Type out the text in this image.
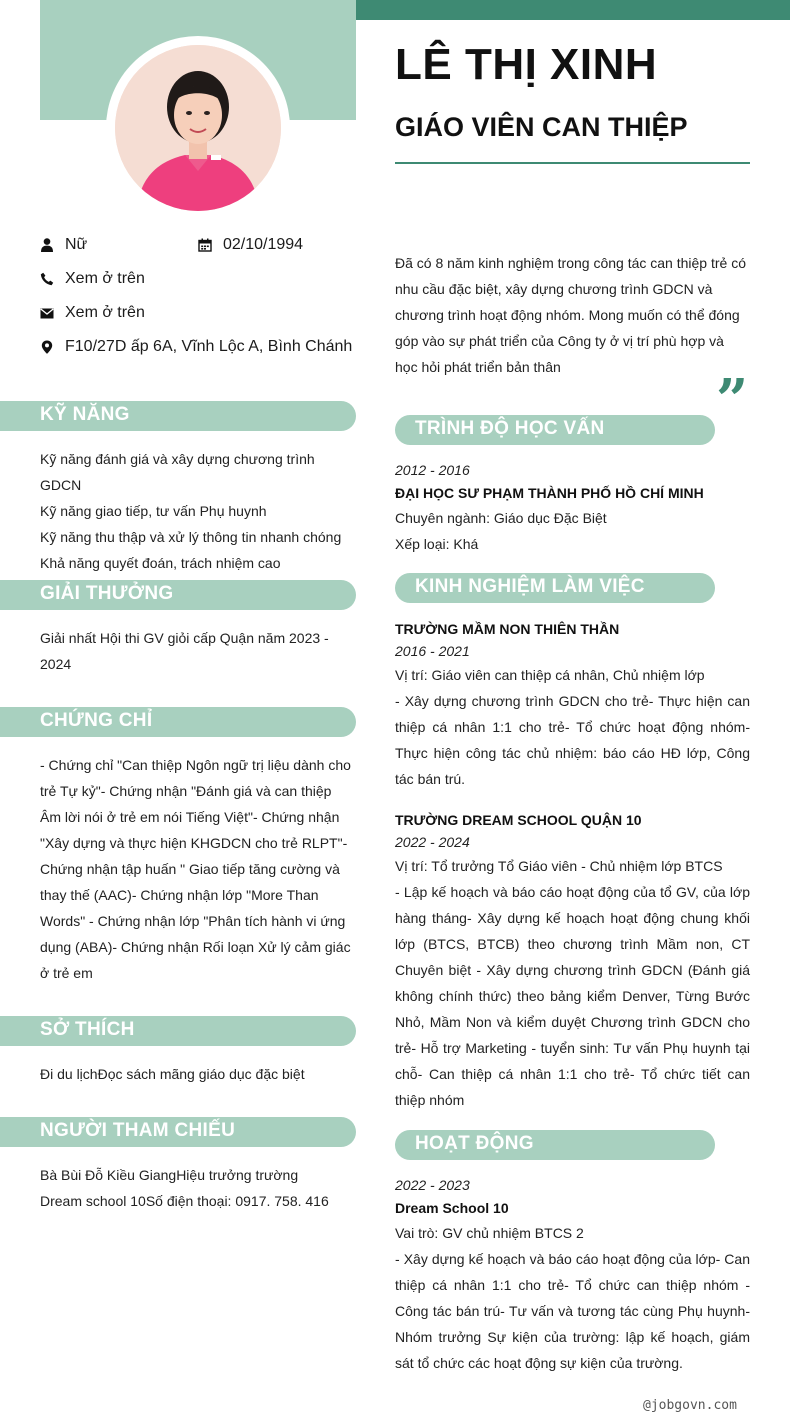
LÊ THỊ XINH
GIÁO VIÊN CAN THIỆP
Nữ	02/10/1994
Xem ở trên
Xem ở trên
F10/27D ấp 6A, Vĩnh Lộc A, Bình Chánh
Đã có 8 năm kinh nghiệm trong công tác can thiệp trẻ có nhu cầu đặc biệt, xây dựng chương trình GDCN và chương trình hoạt động nhóm. Mong muốn có thể đóng góp vào sự phát triển của Công ty ở vị trí phù hợp và học hỏi phát triển bản thân	”
KỸ NĂNG
Kỹ năng đánh giá và xây dựng chương trình GDCN
Kỹ năng giao tiếp, tư vấn Phụ huynh
Kỹ năng thu thập và xử lý thông tin nhanh chóng
Khả năng quyết đoán, trách nhiệm cao
GIẢI THƯỞNG
Giải nhất Hội thi GV giỏi cấp Quận năm 2023 - 2024
CHỨNG CHỈ
- Chứng chỉ "Can thiệp Ngôn ngữ trị liệu dành cho trẻ Tự kỷ"- Chứng nhận "Đánh giá và can thiệp Âm lời nói ở trẻ em nói Tiếng Việt"- Chứng nhận "Xây dựng và thực hiện KHGDCN cho trẻ RLPT"- Chứng nhận tập huấn " Giao tiếp tăng cường và thay thế (AAC)- Chứng nhận lớp "More Than Words" - Chứng nhận lớp "Phân tích hành vi ứng dụng (ABA)- Chứng nhận Rối loạn Xử lý cảm giác ở trẻ em
SỞ THÍCH
Đi du lịchĐọc sách mãng giáo dục đặc biệt
NGƯỜI THAM CHIẾU
Bà Bùi Đỗ Kiều GiangHiệu trưởng trường Dream school 10Số điện thoại: 0917. 758. 416
TRÌNH ĐỘ HỌC VẤN
2012 - 2016
ĐẠI HỌC SƯ PHẠM THÀNH PHỐ HỒ CHÍ MINH
Chuyên ngành: Giáo dục Đặc Biệt
Xếp loại: Khá
KINH NGHIỆM LÀM VIỆC
TRƯỜNG MẦM NON THIÊN THẦN
2016 - 2021
Vị trí: Giáo viên can thiệp cá nhân, Chủ nhiệm lớp
- Xây dựng chương trình GDCN cho trẻ- Thực hiện can thiệp cá nhân 1:1 cho trẻ- Tổ chức hoạt động nhóm- Thực hiện công tác chủ nhiệm: báo cáo HĐ lớp, Công tác bán trú.
TRƯỜNG DREAM SCHOOL QUẬN 10
2022 - 2024
Vị trí: Tổ trưởng Tổ Giáo viên - Chủ nhiệm lớp BTCS
- Lập kế hoạch và báo cáo hoạt động của tổ GV, của lớp hàng tháng- Xây dựng kế hoạch hoạt động chung khối lớp (BTCS, BTCB) theo chương trình Mầm non, CT Chuyên biệt - Xây dựng chương trình GDCN (Đánh giá không chính thức) theo bảng kiểm Denver, Từng Bước Nhỏ, Mầm Non và kiểm duyệt Chương trình GDCN cho trẻ- Hỗ trợ Marketing - tuyển sinh: Tư vấn Phụ huynh tại chỗ- Can thiệp cá nhân 1:1 cho trẻ- Tổ chức tiết can thiệp nhóm
HOẠT ĐỘNG
2022 - 2023
Dream School 10
Vai trò: GV chủ nhiệm BTCS 2
- Xây dựng kế hoạch và báo cáo hoạt động của lớp- Can thiệp cá nhân 1:1 cho trẻ- Tổ chức can thiệp nhóm - Công tác bán trú- Tư vấn và tương tác cùng Phụ huynh- Nhóm trưởng Sự kiện của trường: lập kế hoạch, giám sát tổ chức các hoạt động sự kiện của trường.
@jobgovn.com
